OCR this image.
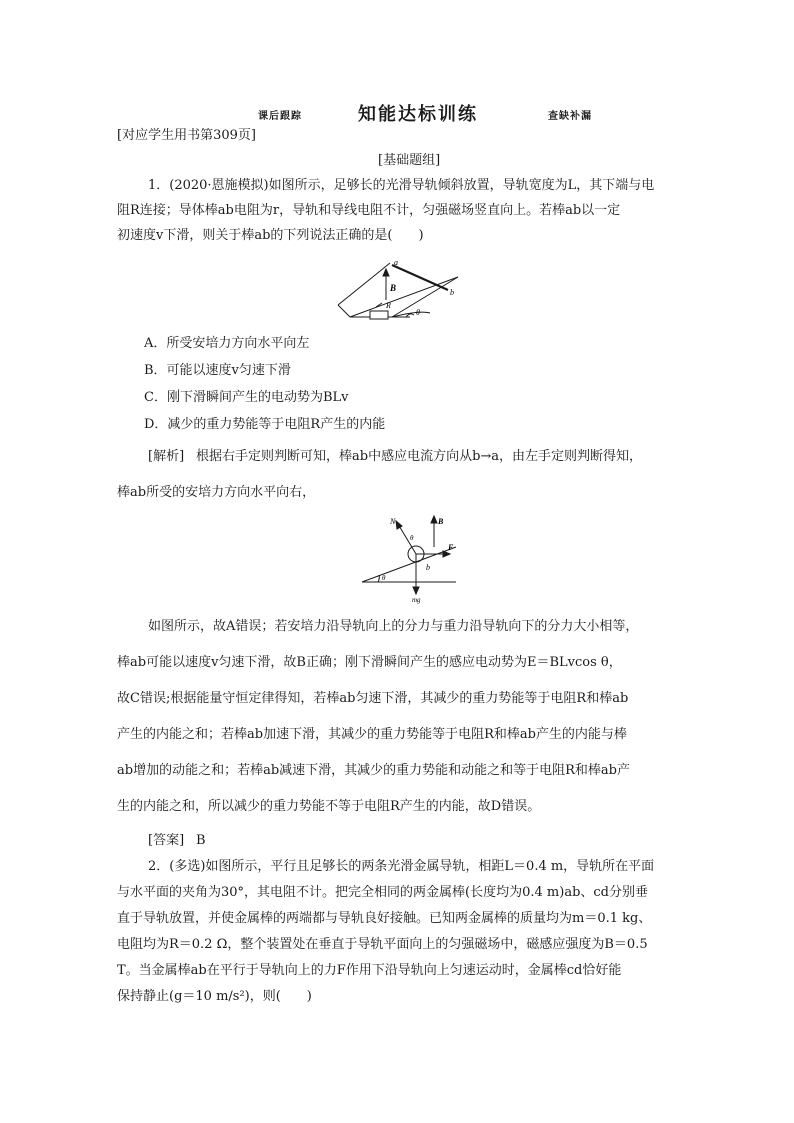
课后跟踪	知能达标训练	查缺补漏
[对应学生用书第309页]
[基础题组]
1．(2020·恩施模拟)如图所示，足够长的光滑导轨倾斜放置，导轨宽度为L，其下端与电
阻R连接；导体棒ab电阻为r，导轨和导线电阻不计，匀强磁场竖直向上。若棒ab以一定
初速度v下滑，则关于棒ab的下列说法正确的是(　　)
a
b
B
R
θ
A．所受安培力方向水平向左
B．可能以速度v匀速下滑
C．刚下滑瞬间产生的电动势为BLv
D．减少的重力势能等于电阻R产生的内能
[解析] 根据右手定则判断可知，棒ab中感应电流方向从b→a，由左手定则判断得知，
棒ab所受的安培力方向水平向右，
N	B
F
θ
b
θ
mg
如图所示，故A错误；若安培力沿导轨向上的分力与重力沿导轨向下的分力大小相等，
棒ab可能以速度v匀速下滑，故B正确；刚下滑瞬间产生的感应电动势为E＝BLvcos θ，
故C错误;根据能量守恒定律得知，若棒ab匀速下滑，其减少的重力势能等于电阻R和棒ab
产生的内能之和；若棒ab加速下滑，其减少的重力势能等于电阻R和棒ab产生的内能与棒
ab增加的动能之和；若棒ab减速下滑，其减少的重力势能和动能之和等于电阻R和棒ab产
生的内能之和，所以减少的重力势能不等于电阻R产生的内能，故D错误。
[答案] B
2．(多选)如图所示，平行且足够长的两条光滑金属导轨，相距L＝0.4 m，导轨所在平面
与水平面的夹角为30°，其电阻不计。把完全相同的两金属棒(长度均为0.4 m)ab、cd分别垂
直于导轨放置，并使金属棒的两端都与导轨良好接触。已知两金属棒的质量均为m＝0.1 kg、
电阻均为R＝0.2 Ω，整个装置处在垂直于导轨平面向上的匀强磁场中，磁感应强度为B＝0.5
T。当金属棒ab在平行于导轨向上的力F作用下沿导轨向上匀速运动时，金属棒cd恰好能
保持静止(g＝10 m/s²)，则(　　)
